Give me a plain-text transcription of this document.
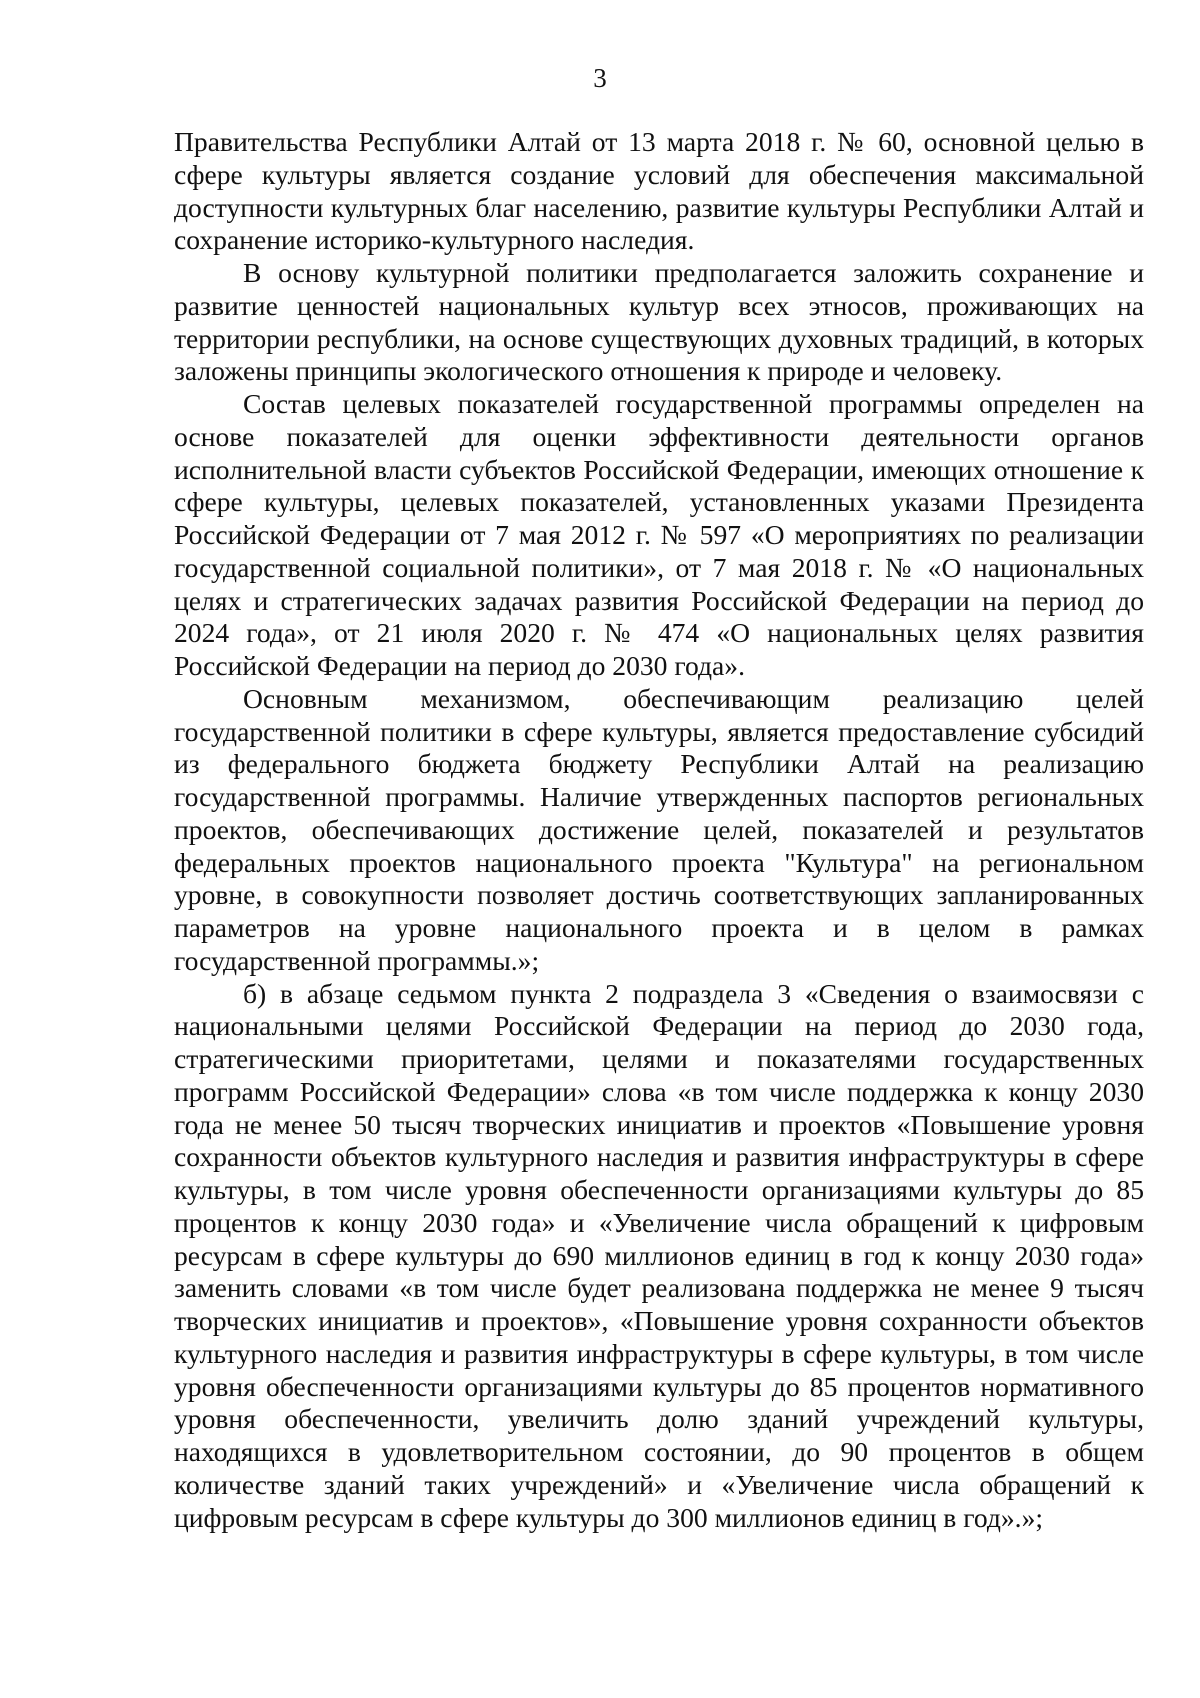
3

Правительства Республики Алтай от 13 марта 2018 г. № 60, основной целью в сфере культуры является создание условий для обеспечения максимальной доступности культурных благ населению, развитие культуры Республики Алтай и сохранение историко-культурного наследия.

В основу культурной политики предполагается заложить сохранение и развитие ценностей национальных культур всех этносов, проживающих на территории республики, на основе существующих духовных традиций, в которых заложены принципы экологического отношения к природе и человеку.

Состав целевых показателей государственной программы определен на основе показателей для оценки эффективности деятельности органов исполнительной власти субъектов Российской Федерации, имеющих отношение к сфере культуры, целевых показателей, установленных указами Президента Российской Федерации от 7 мая 2012 г. № 597 «О мероприятиях по реализации государственной социальной политики», от 7 мая 2018 г. № «О национальных целях и стратегических задачах развития Российской Федерации на период до 2024 года», от 21 июля 2020 г. № 474 «О национальных целях развития Российской Федерации на период до 2030 года».

Основным механизмом, обеспечивающим реализацию целей государственной политики в сфере культуры, является предоставление субсидий из федерального бюджета бюджету Республики Алтай на реализацию государственной программы. Наличие утвержденных паспортов региональных проектов, обеспечивающих достижение целей, показателей и результатов федеральных проектов национального проекта "Культура" на региональном уровне, в совокупности позволяет достичь соответствующих запланированных параметров на уровне национального проекта и в целом в рамках государственной программы.»;

б) в абзаце седьмом пункта 2 подраздела 3 «Сведения о взаимосвязи с национальными целями Российской Федерации на период до 2030 года, стратегическими приоритетами, целями и показателями государственных программ Российской Федерации» слова «в том числе поддержка к концу 2030 года не менее 50 тысяч творческих инициатив и проектов «Повышение уровня сохранности объектов культурного наследия и развития инфраструктуры в сфере культуры, в том числе уровня обеспеченности организациями культуры до 85 процентов к концу 2030 года» и «Увеличение числа обращений к цифровым ресурсам в сфере культуры до 690 миллионов единиц в год к концу 2030 года» заменить словами «в том числе будет реализована поддержка не менее 9 тысяч творческих инициатив и проектов», «Повышение уровня сохранности объектов культурного наследия и развития инфраструктуры в сфере культуры, в том числе уровня обеспеченности организациями культуры до 85 процентов нормативного уровня обеспеченности, увеличить долю зданий учреждений культуры, находящихся в удовлетворительном состоянии, до 90 процентов в общем количестве зданий таких учреждений» и «Увеличение числа обращений к цифровым ресурсам в сфере культуры до 300 миллионов единиц в год».»;
